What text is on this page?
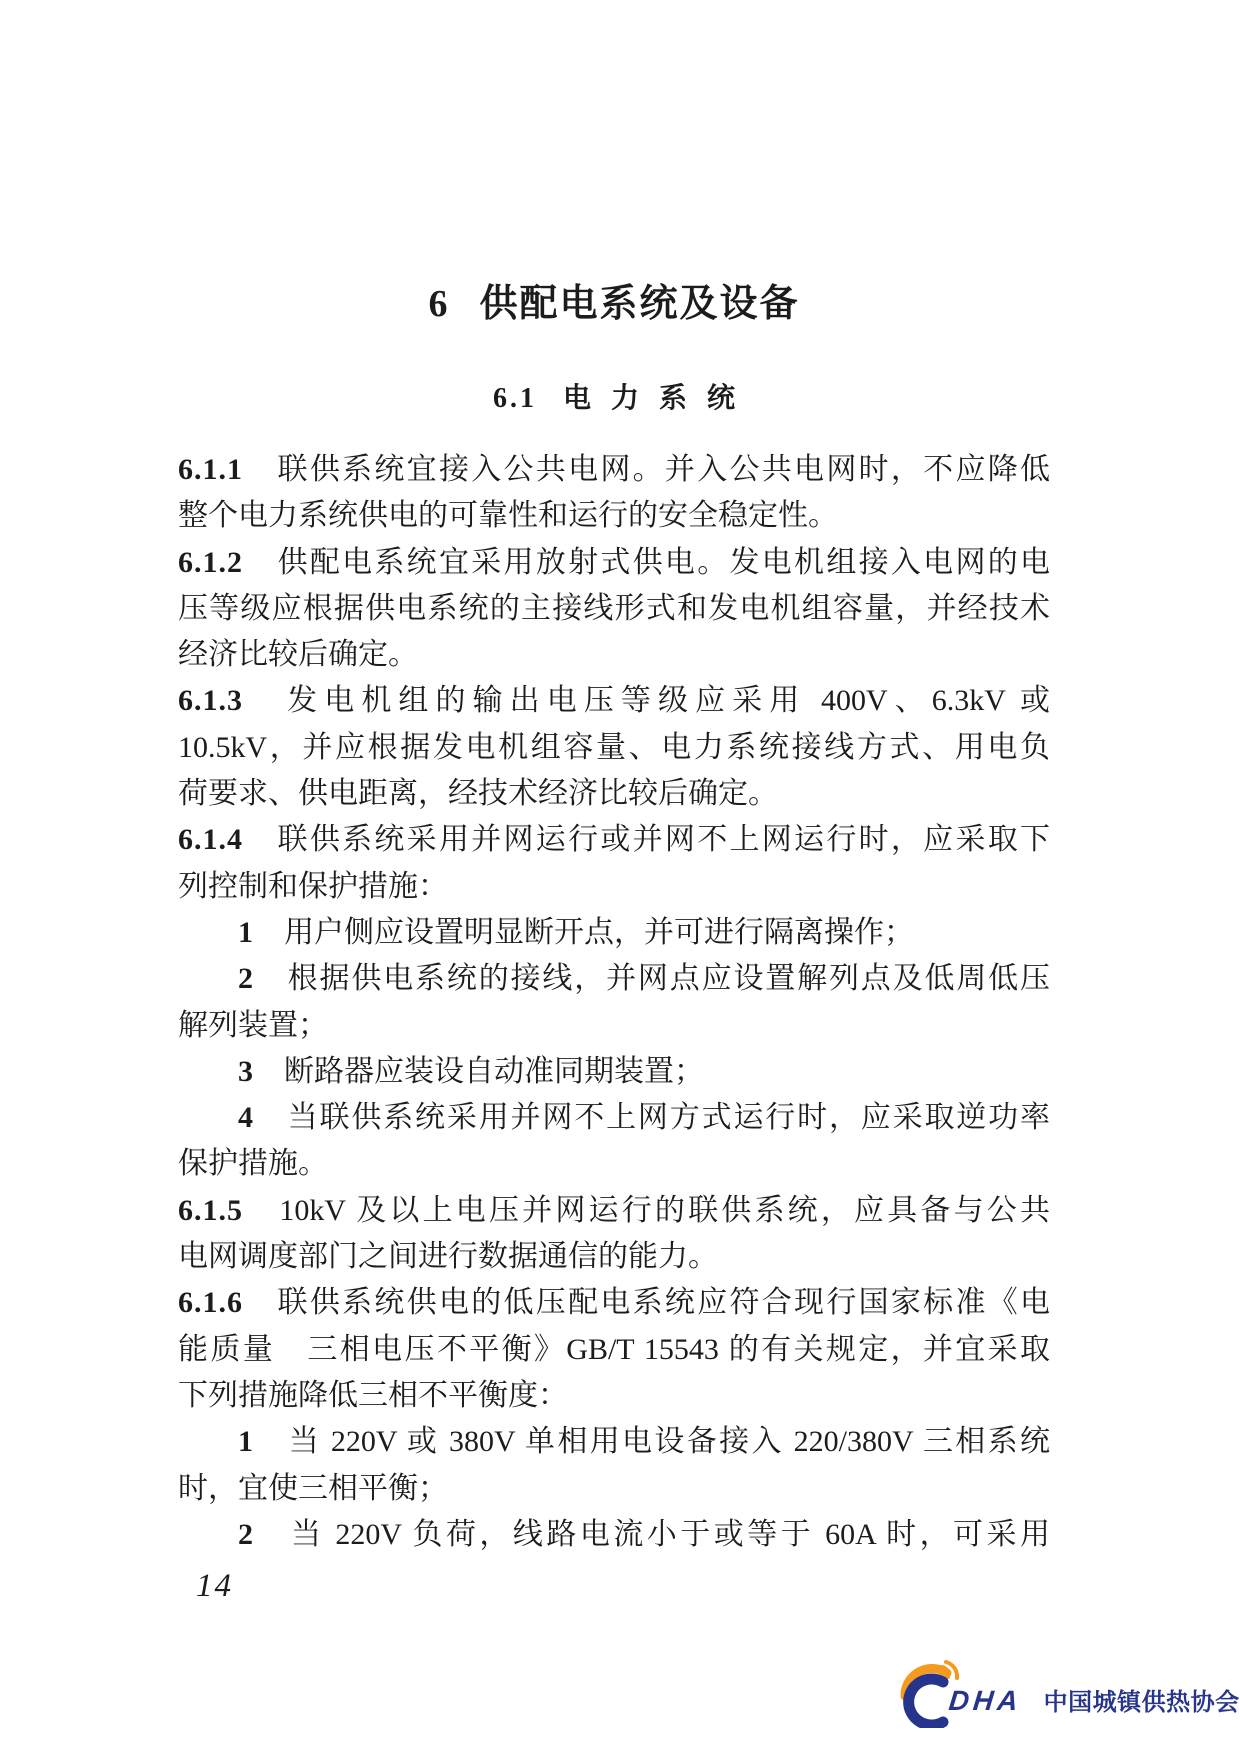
6 供配电系统及设备
6.1 电力系统
6.1.1　联供系统宜接入公共电网。并入公共电网时，不应降低
整个电力系统供电的可靠性和运行的安全稳定性。
6.1.2　供配电系统宜采用放射式供电。发电机组接入电网的电
压等级应根据供电系统的主接线形式和发电机组容量，并经技术
经济比较后确定。
6.1.3　发电机组的输出电压等级应采用 400V、6.3kV 或
10.5kV，并应根据发电机组容量、电力系统接线方式、用电负
荷要求、供电距离，经技术经济比较后确定。
6.1.4　联供系统采用并网运行或并网不上网运行时，应采取下
列控制和保护措施：
1　用户侧应设置明显断开点，并可进行隔离操作；
2　根据供电系统的接线，并网点应设置解列点及低周低压
解列装置；
3　断路器应装设自动准同期装置；
4　当联供系统采用并网不上网方式运行时，应采取逆功率
保护措施。
6.1.5　10kV 及以上电压并网运行的联供系统，应具备与公共
电网调度部门之间进行数据通信的能力。
6.1.6　联供系统供电的低压配电系统应符合现行国家标准《电
能质量　三相电压不平衡》GB/T 15543 的有关规定，并宜采取
下列措施降低三相不平衡度：
1　当 220V 或 380V 单相用电设备接入 220/380V 三相系统
时，宜使三相平衡；
2　当 220V 负荷，线路电流小于或等于 60A 时，可采用
14
DHA 中国城镇供热协会
